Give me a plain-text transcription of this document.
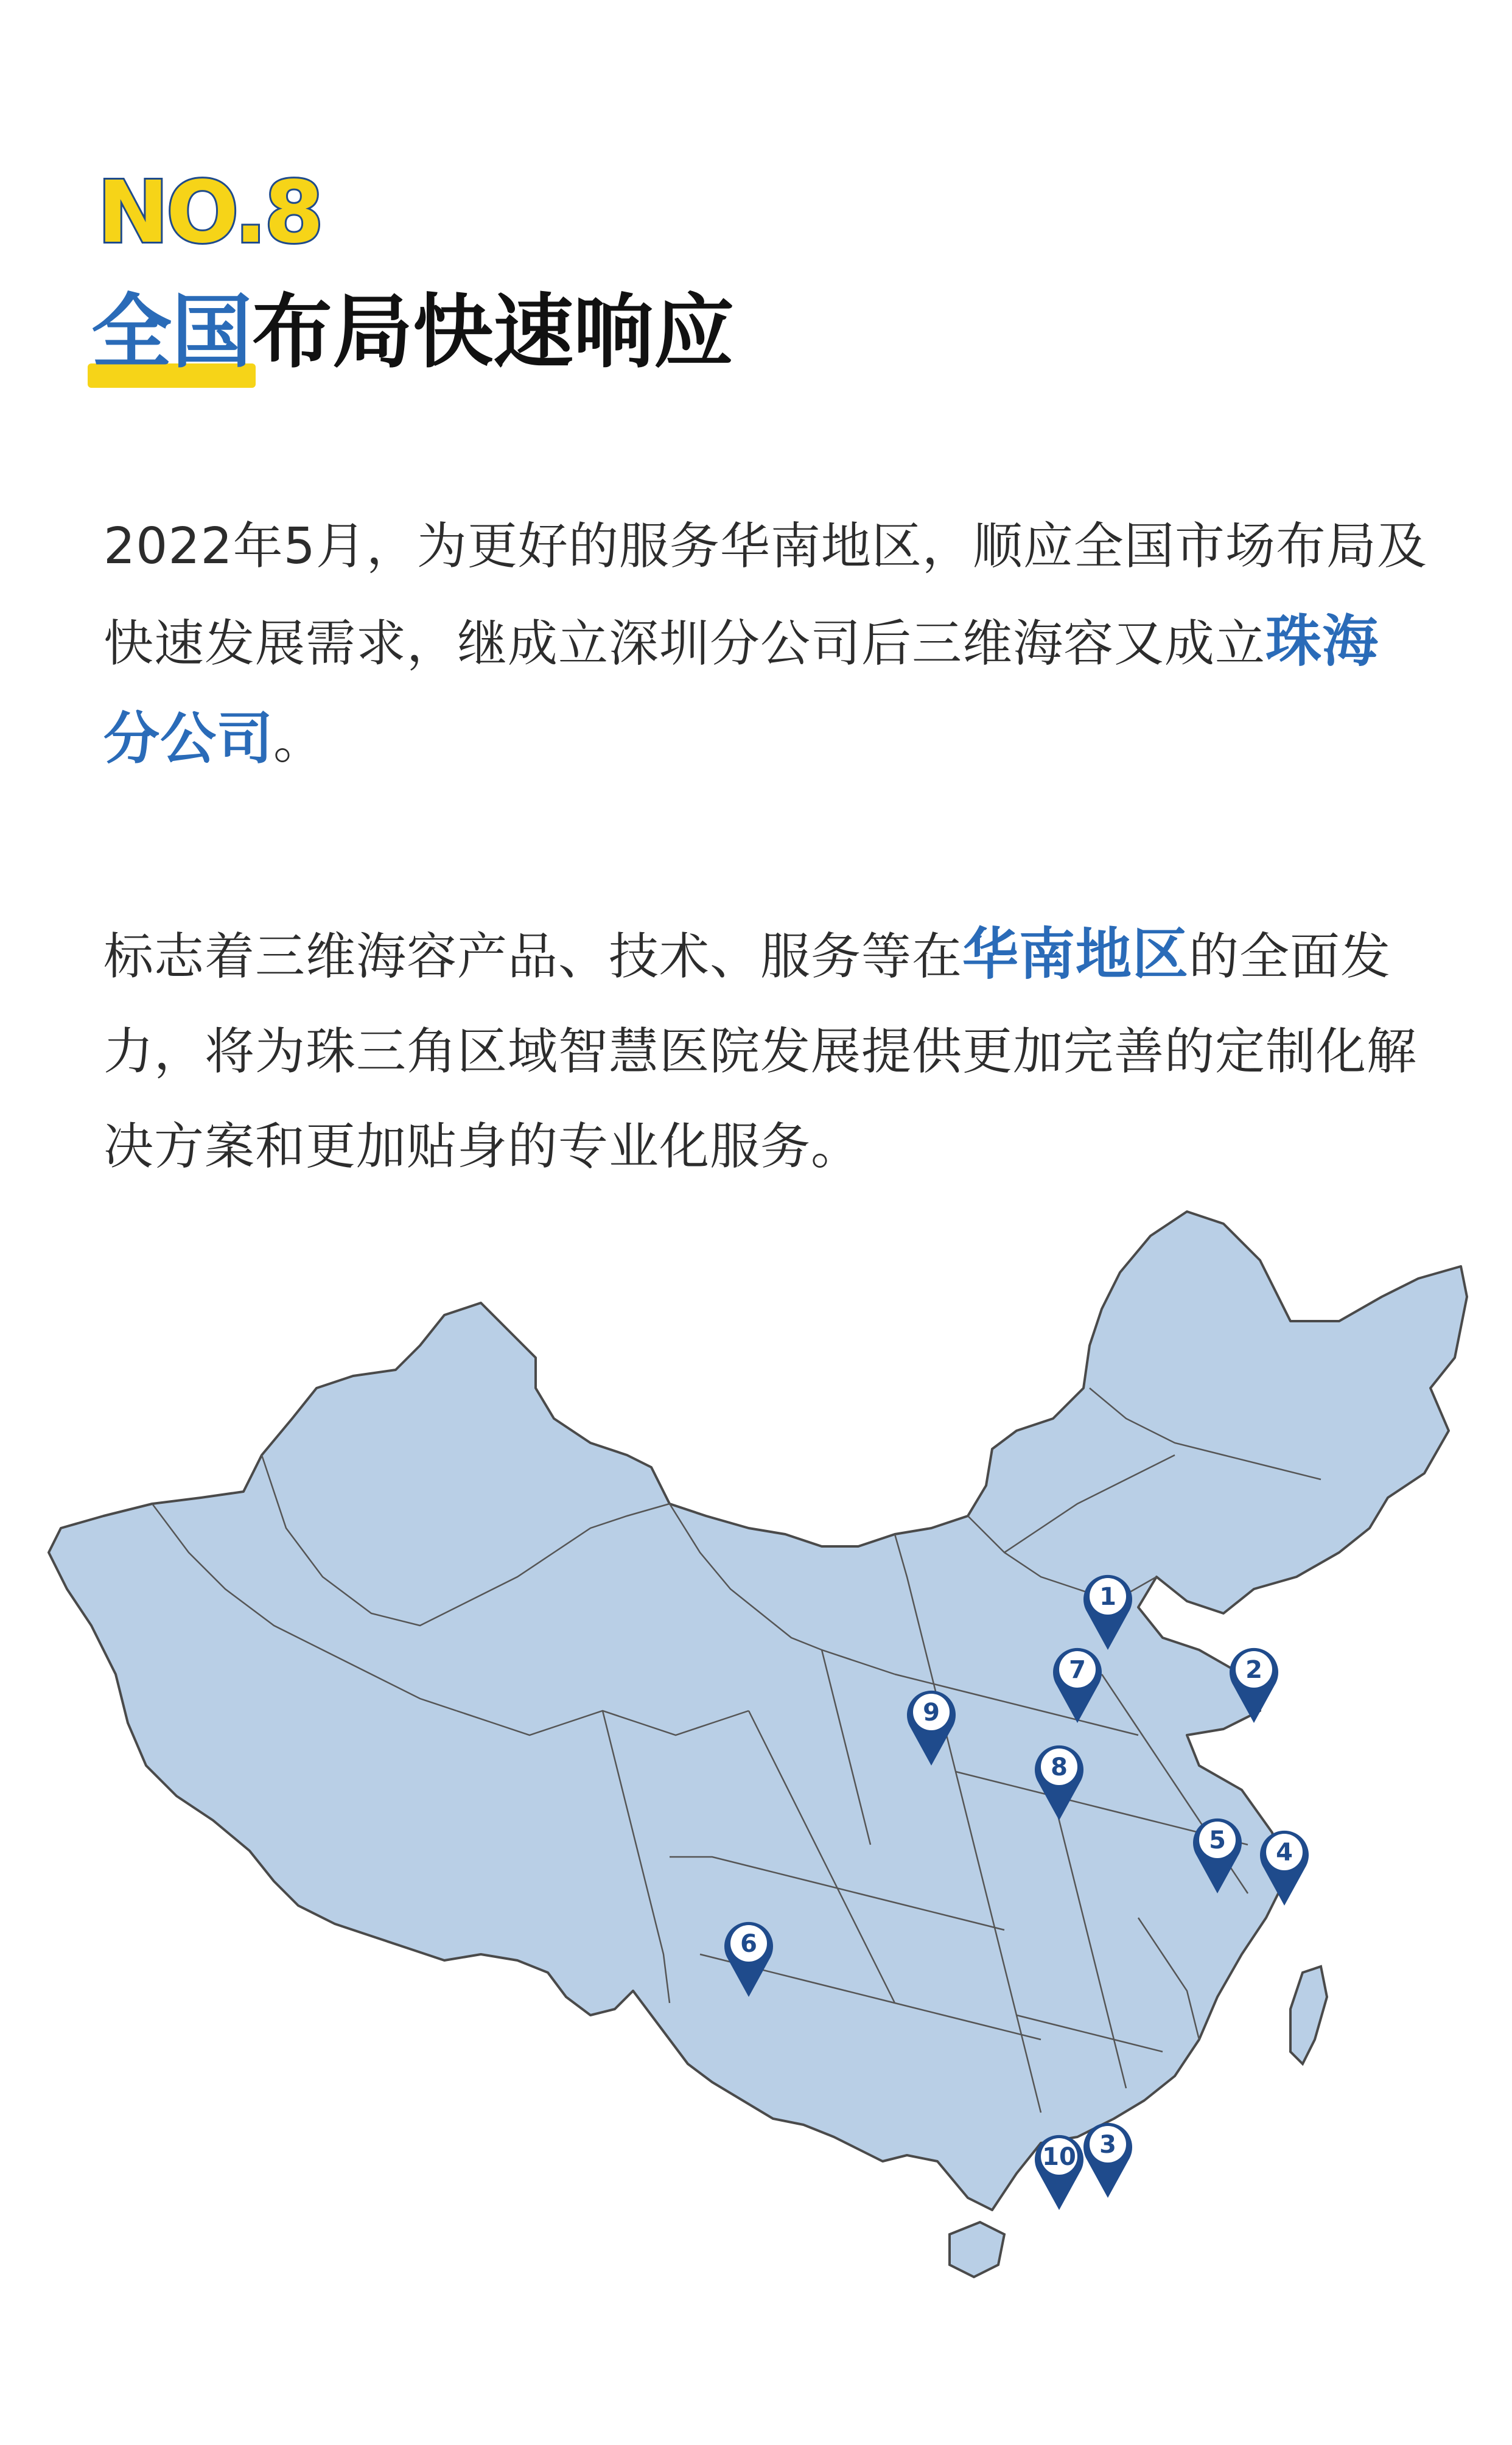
NO.8
全国布局快速响应
2022年5月，为更好的服务华南地区，顺应全国市场布局及快速发展需求，继成立深圳分公司后三维海容又成立珠海分公司。
标志着三维海容产品、技术、服务等在华南地区的全面发力，将为珠三角区域智慧医院发展提供更加完善的定制化解决方案和更加贴身的专业化服务。
1
2
3
4
5
6
7
8
9
10
